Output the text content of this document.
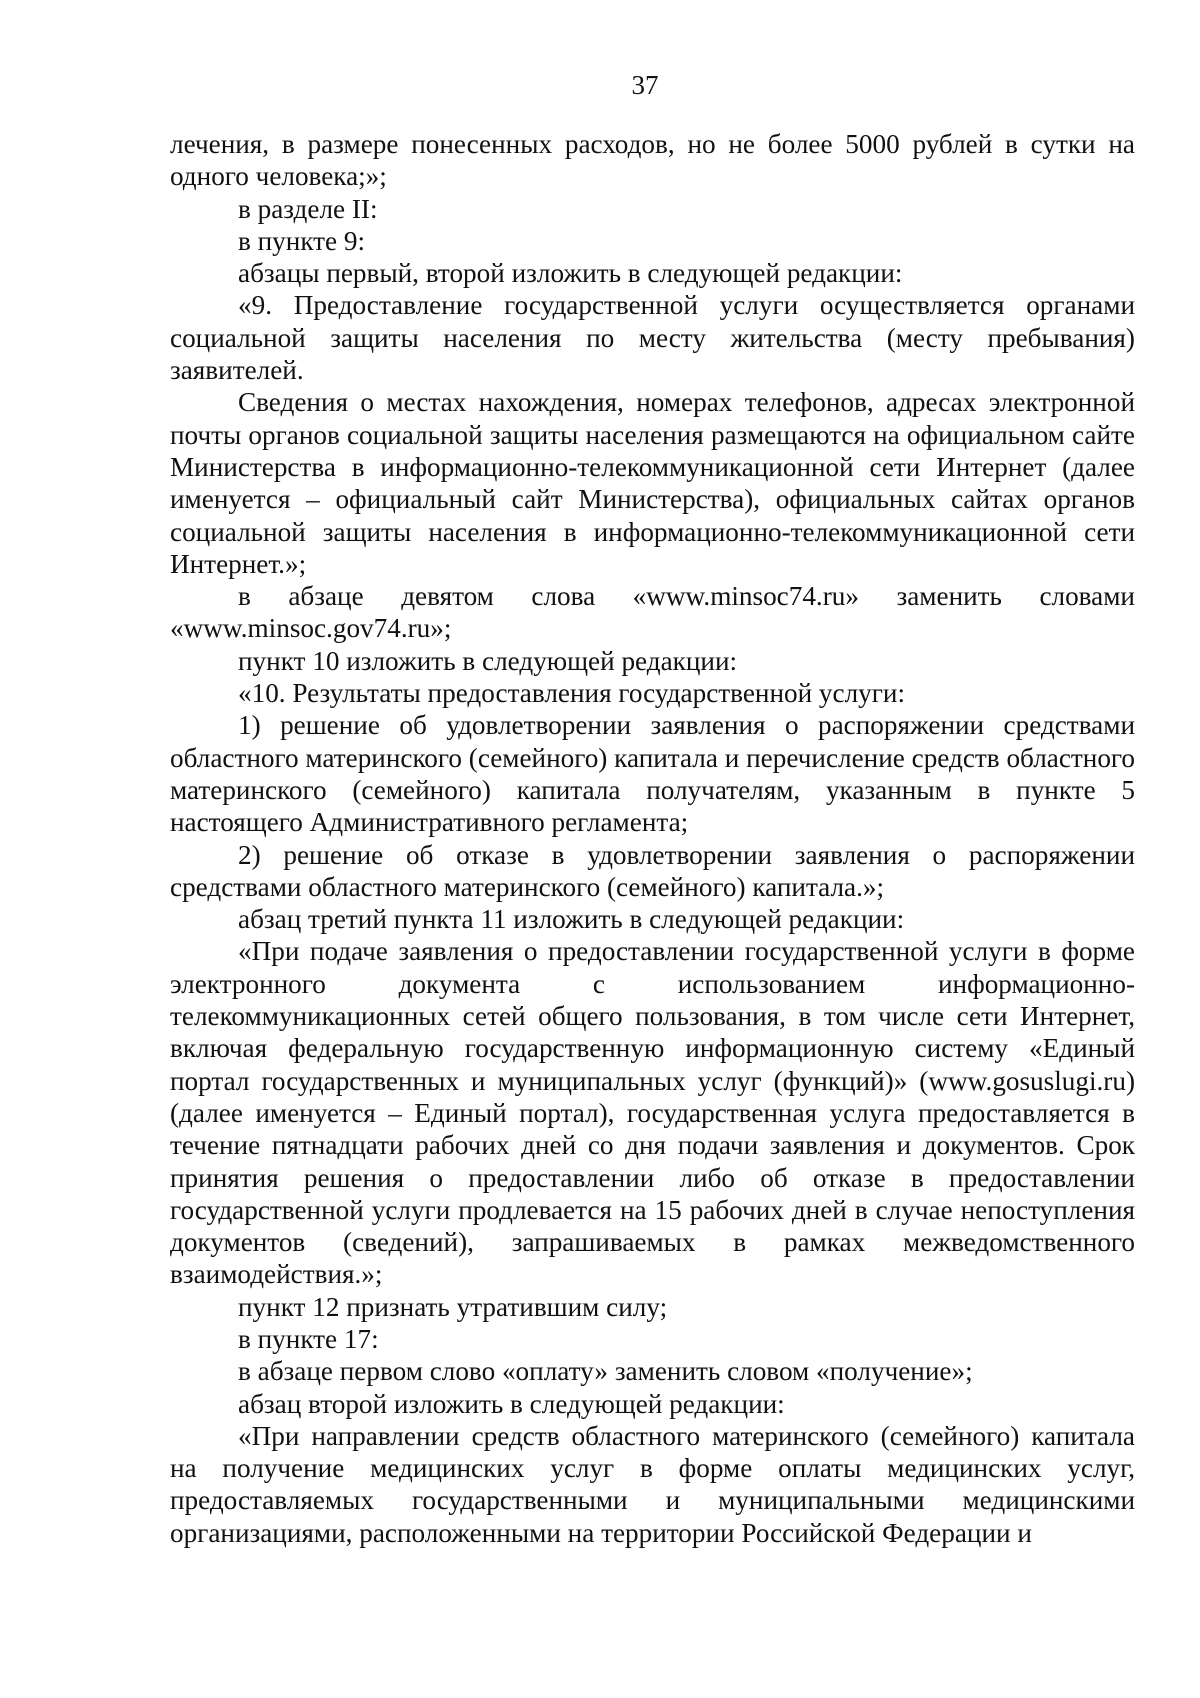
37

лечения, в размере понесенных расходов, но не более 5000 рублей в сутки на одного человека;»;

в разделе II:

в пункте 9:

абзацы первый, второй изложить в следующей редакции:

«9. Предоставление государственной услуги осуществляется органами социальной защиты населения по месту жительства (месту пребывания) заявителей.

Сведения о местах нахождения, номерах телефонов, адресах электронной почты органов социальной защиты населения размещаются на официальном сайте Министерства в информационно-телекоммуникационной сети Интернет (далее именуется – официальный сайт Министерства), официальных сайтах органов социальной защиты населения в информационно-телекоммуникационной сети Интернет.»;

в абзаце девятом слова «www.minsoc74.ru» заменить словами «www.minsoc.gov74.ru»;

пункт 10 изложить в следующей редакции:

«10. Результаты предоставления государственной услуги:

1) решение об удовлетворении заявления о распоряжении средствами областного материнского (семейного) капитала и перечисление средств областного материнского (семейного) капитала получателям, указанным в пункте 5 настоящего Административного регламента;

2) решение об отказе в удовлетворении заявления о распоряжении средствами областного материнского (семейного) капитала.»;

абзац третий пункта 11 изложить в следующей редакции:

«При подаче заявления о предоставлении государственной услуги в форме электронного документа с использованием информационно-телекоммуникационных сетей общего пользования, в том числе сети Интернет, включая федеральную государственную информационную систему «Единый портал государственных и муниципальных услуг (функций)» (www.gosuslugi.ru) (далее именуется – Единый портал), государственная услуга предоставляется в течение пятнадцати рабочих дней со дня подачи заявления и документов. Срок принятия решения о предоставлении либо об отказе в предоставлении государственной услуги продлевается на 15 рабочих дней в случае непоступления документов (сведений), запрашиваемых в рамках межведомственного взаимодействия.»;

пункт 12 признать утратившим силу;

в пункте 17:

в абзаце первом слово «оплату» заменить словом «получение»;

абзац второй изложить в следующей редакции:

«При направлении средств областного материнского (семейного) капитала на получение медицинских услуг в форме оплаты медицинских услуг, предоставляемых государственными и муниципальными медицинскими организациями, расположенными на территории Российской Федерации и
